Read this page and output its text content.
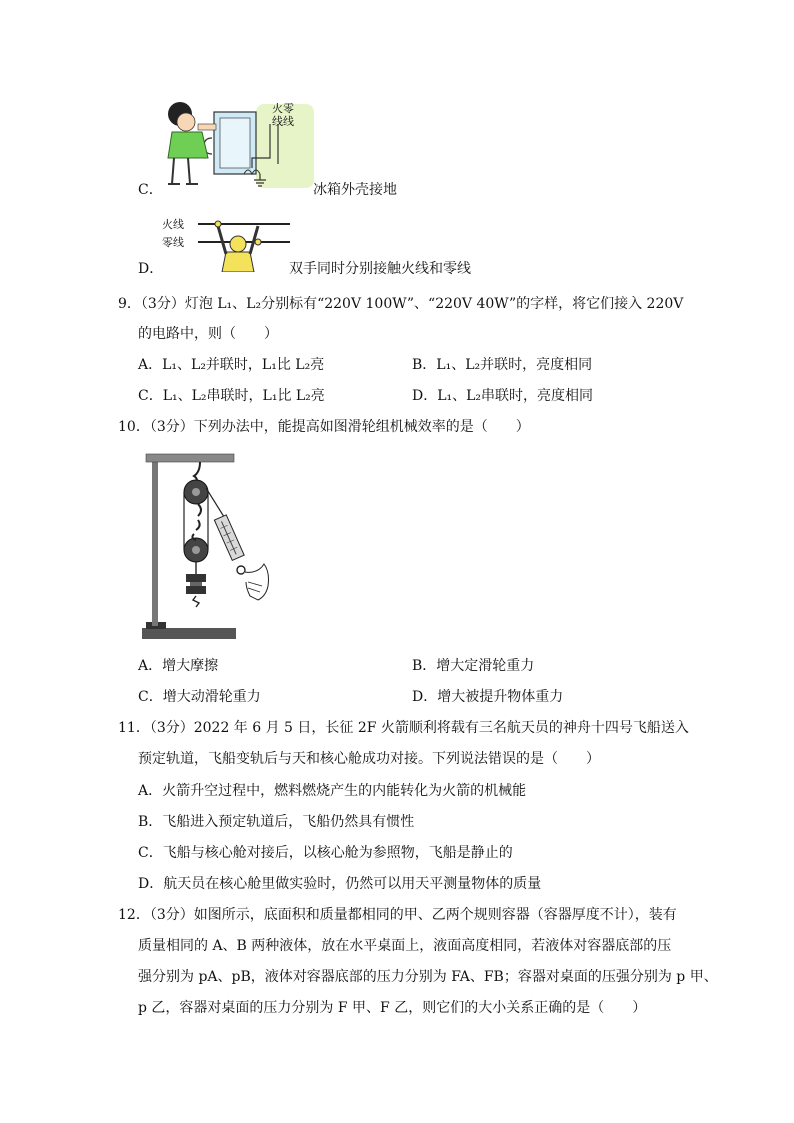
火零
线线
C．	冰箱外壳接地
火线
零线
D．	双手同时分别接触火线和零线
9．（3分）灯泡 L₁、L₂分别标有“220V 100W”、“220V 40W”的字样，将它们接入 220V
的电路中，则（　　）
A．L₁、L₂并联时，L₁比 L₂亮	B．L₁、L₂并联时，亮度相同
C．L₁、L₂串联时，L₁比 L₂亮	D．L₁、L₂串联时，亮度相同
10．（3分）下列办法中，能提高如图滑轮组机械效率的是（　　）
A．增大摩擦	B．增大定滑轮重力
C．增大动滑轮重力	D．增大被提升物体重力
11．（3分）2022 年 6 月 5 日，长征 2F 火箭顺利将载有三名航天员的神舟十四号飞船送入
预定轨道，飞船变轨后与天和核心舱成功对接。下列说法错误的是（　　）
A．火箭升空过程中，燃料燃烧产生的内能转化为火箭的机械能
B．飞船进入预定轨道后，飞船仍然具有惯性
C．飞船与核心舱对接后，以核心舱为参照物，飞船是静止的
D．航天员在核心舱里做实验时，仍然可以用天平测量物体的质量
12．（3分）如图所示，底面积和质量都相同的甲、乙两个规则容器（容器厚度不计），装有
质量相同的 A、B 两种液体，放在水平桌面上，液面高度相同，若液体对容器底部的压
强分别为 pA、pB，液体对容器底部的压力分别为 FA、FB；容器对桌面的压强分别为 p 甲、
p 乙，容器对桌面的压力分别为 F 甲、F 乙，则它们的大小关系正确的是（　　）
